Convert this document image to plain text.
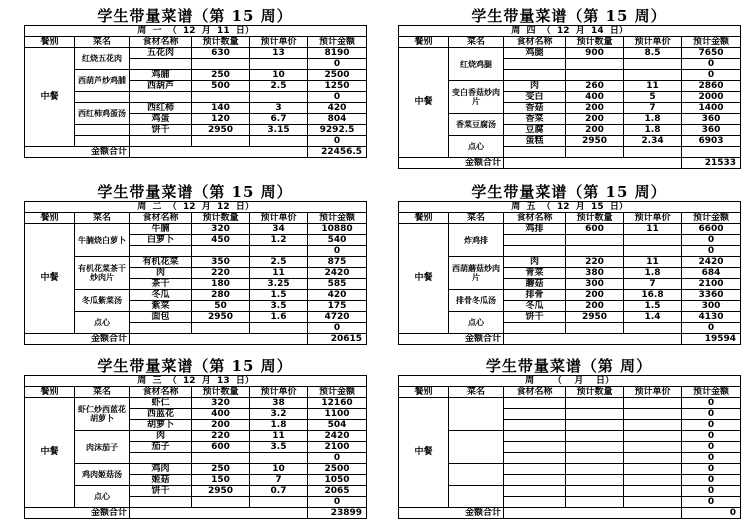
学生带量菜谱（第 15 周）
周  一  （  12  月  11  日）					
餐别	菜名	食材名称	预计数量	预计单价	预计金额
中餐	红烧五花肉	五花肉	630	13	8190
					0
	西葫芦炒鸡脯	鸡脯	250	10	2500
		西葫芦	500	2.5	1250
					0
	西红柿鸡蛋汤	西红柿	140	3	420
		鸡蛋	120	6.7	804
		饼干	2950	3.15	9292.5
					0
金额合计					22456.5
学生带量菜谱（第 15 周）
周  四  （  12  月  14  日）					
餐别	菜名	食材名称	预计数量	预计单价	预计金额
中餐	红烧鸡腿	鸡腿	900	8.5	7650
					0
					0
	变白香菇炒肉片	肉	260	11	2860
		变白	400	5	2000
		香菇	200	7	1400
	香菜豆腐汤	香菜	200	1.8	360
		豆腐	200	1.8	360
	点心	蛋糕	2950	2.34	6903

金额合计					21533
学生带量菜谱（第 15 周）
周  二  （  12  月  12  日）					
餐别	菜名	食材名称	预计数量	预计单价	预计金额
中餐	牛腩烧白萝卜	牛腩	320	34	10880
		白萝卜	450	1.2	540
					0
	有机花菜茶干炒肉片	有机花菜	350	2.5	875
		肉	220	11	2420
		茶干	180	3.25	585
	冬瓜紫菜汤	冬瓜	280	1.5	420
		紫菜	50	3.5	175
	点心	面包	2950	1.6	4720
					0
金额合计					20615
学生带量菜谱（第 15 周）
周  五  （  12  月  15  日）					
餐别	菜名	食材名称	预计数量	预计单价	预计金额
中餐	炸鸡排	鸡排	600	11	6600
					0
					0
	西葫蘑菇炒肉片	肉	220	11	2420
		青菜	380	1.8	684
		蘑菇	300	7	2100
	排骨冬瓜汤	排骨	200	16.8	3360
		冬瓜	200	1.5	300
	点心	饼干	2950	1.4	4130
					0
金额合计					19594
学生带量菜谱（第 15 周）
周  三  （  12  月  13  日）					
餐别	菜名	食材名称	预计数量	预计单价	预计金额
中餐	虾仁炒西蓝花胡萝卜	虾仁	320	38	12160
		西蓝花	400	3.2	1100
		胡萝卜	200	1.8	504
	肉沫茄子	肉	220	11	2420
		茄子	600	3.5	2100
					0
	鸡肉姬菇汤	鸡肉	250	10	2500
		姬菇	150	7	1050
	点心	饼干	2950	0.7	2065
					0
金额合计					23899
学生带量菜谱（第 周）
周      （    月    日）					
餐别	菜名	食材名称	预计数量	预计单价	预计金额
中餐					0
					0
					0
					0
					0
					0
					0
					0
					0
					0
金额合计					0
